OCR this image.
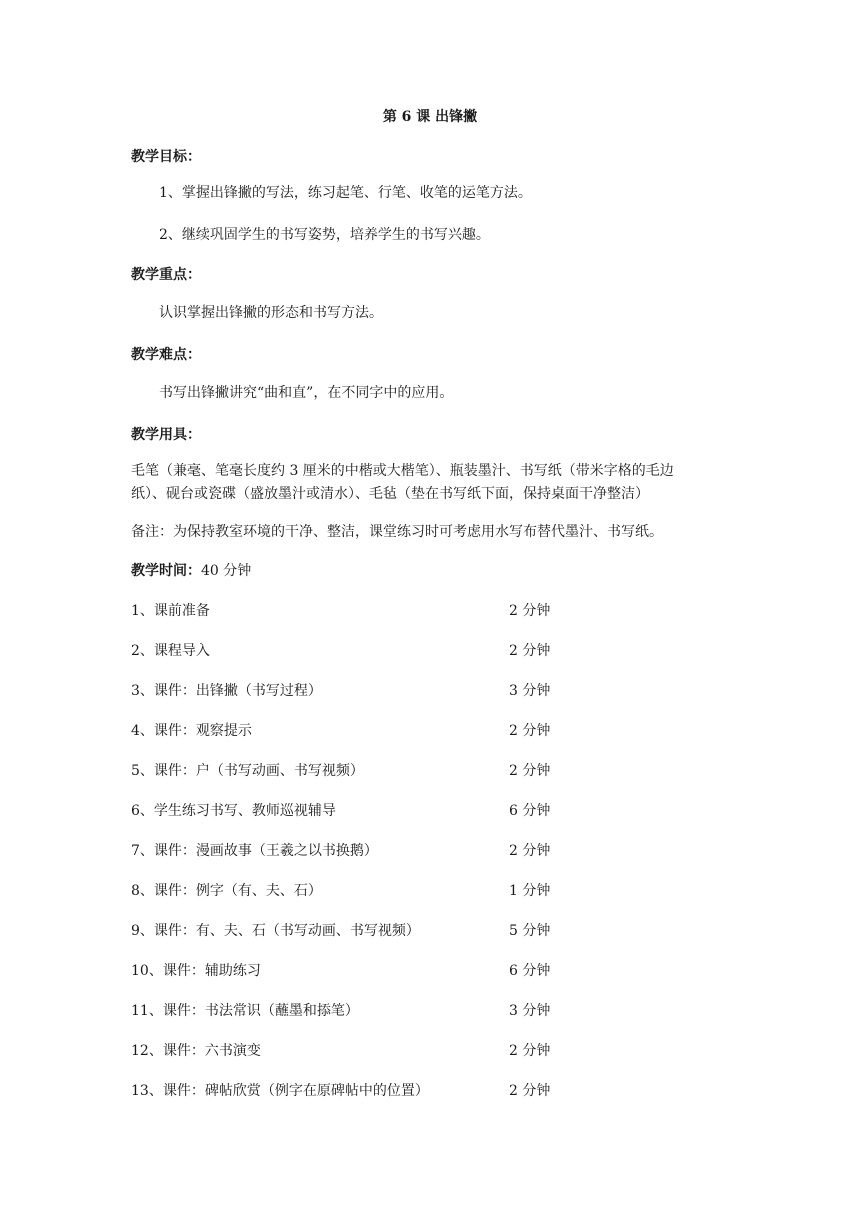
第 6 课 出锋撇
教学目标：
1、掌握出锋撇的写法，练习起笔、行笔、收笔的运笔方法。
2、继续巩固学生的书写姿势，培养学生的书写兴趣。
教学重点：
认识掌握出锋撇的形态和书写方法。
教学难点：
书写出锋撇讲究“曲和直”，在不同字中的应用。
教学用具：
毛笔（兼毫、笔毫长度约 3 厘米的中楷或大楷笔）、瓶装墨汁、书写纸（带米字格的毛边
纸）、砚台或瓷碟（盛放墨汁或清水）、毛毡（垫在书写纸下面，保持桌面干净整洁）
备注：为保持教室环境的干净、整洁，课堂练习时可考虑用水写布替代墨汁、书写纸。
教学时间：40 分钟
1、课前准备	2 分钟
2、课程导入	2 分钟
3、课件：出锋撇（书写过程）	3 分钟
4、课件：观察提示	2 分钟
5、课件：户（书写动画、书写视频）	2 分钟
6、学生练习书写、教师巡视辅导	6 分钟
7、课件：漫画故事（王羲之以书换鹅）	2 分钟
8、课件：例字（有、夫、石）	1 分钟
9、课件：有、夫、石（书写动画、书写视频）	5 分钟
10、课件：辅助练习	6 分钟
11、课件：书法常识（蘸墨和掭笔）	3 分钟
12、课件：六书演变	2 分钟
13、课件：碑帖欣赏（例字在原碑帖中的位置）	2 分钟
